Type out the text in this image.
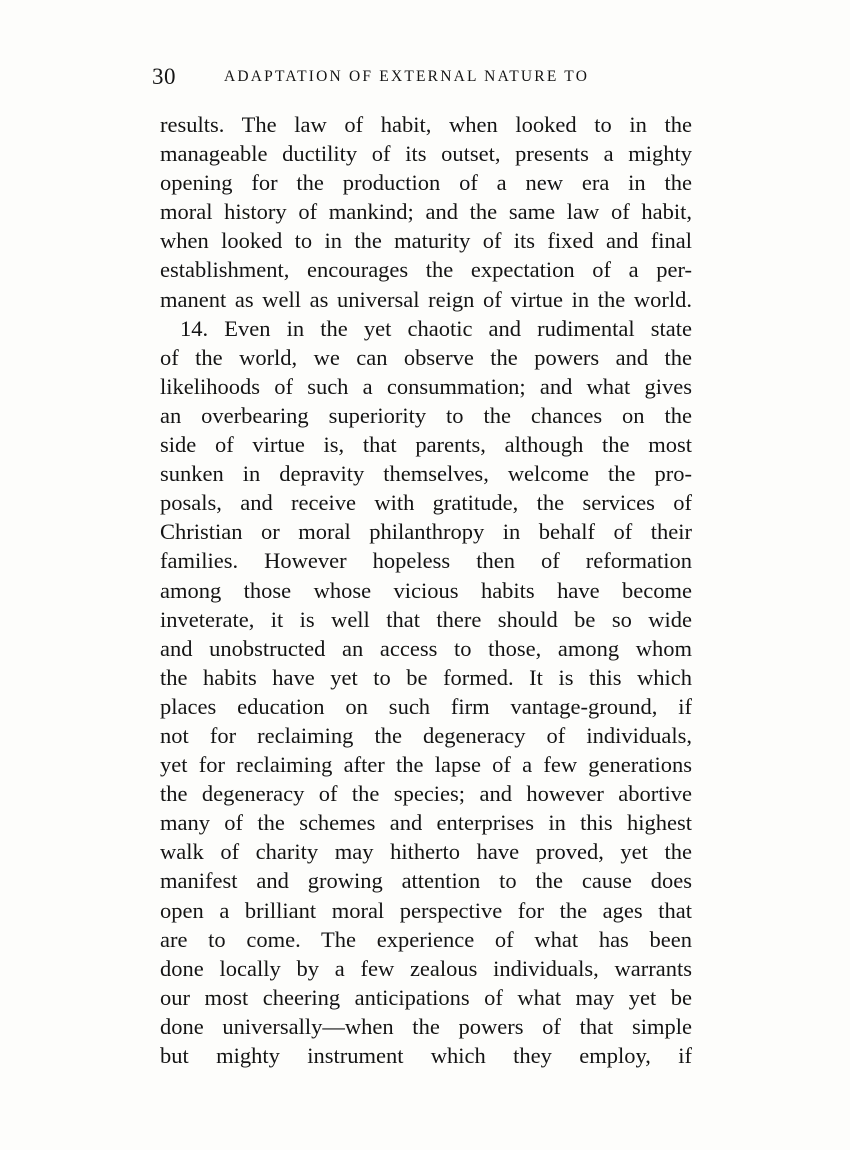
30	ADAPTATION OF EXTERNAL NATURE TO
results. The law of habit, when looked to in the
manageable ductility of its outset, presents a mighty
opening for the production of a new era in the
moral history of mankind; and the same law of habit,
when looked to in the maturity of its fixed and final
establishment, encourages the expectation of a per-
manent as well as universal reign of virtue in the world.
14. Even in the yet chaotic and rudimental state
of the world, we can observe the powers and the
likelihoods of such a consummation; and what gives
an overbearing superiority to the chances on the
side of virtue is, that parents, although the most
sunken in depravity themselves, welcome the pro-
posals, and receive with gratitude, the services of
Christian or moral philanthropy in behalf of their
families. However hopeless then of reformation
among those whose vicious habits have become
inveterate, it is well that there should be so wide
and unobstructed an access to those, among whom
the habits have yet to be formed. It is this which
places education on such firm vantage-ground, if
not for reclaiming the degeneracy of individuals,
yet for reclaiming after the lapse of a few generations
the degeneracy of the species; and however abortive
many of the schemes and enterprises in this highest
walk of charity may hitherto have proved, yet the
manifest and growing attention to the cause does
open a brilliant moral perspective for the ages that
are to come. The experience of what has been
done locally by a few zealous individuals, warrants
our most cheering anticipations of what may yet be
done universally—when the powers of that simple
but mighty instrument which they employ, if
